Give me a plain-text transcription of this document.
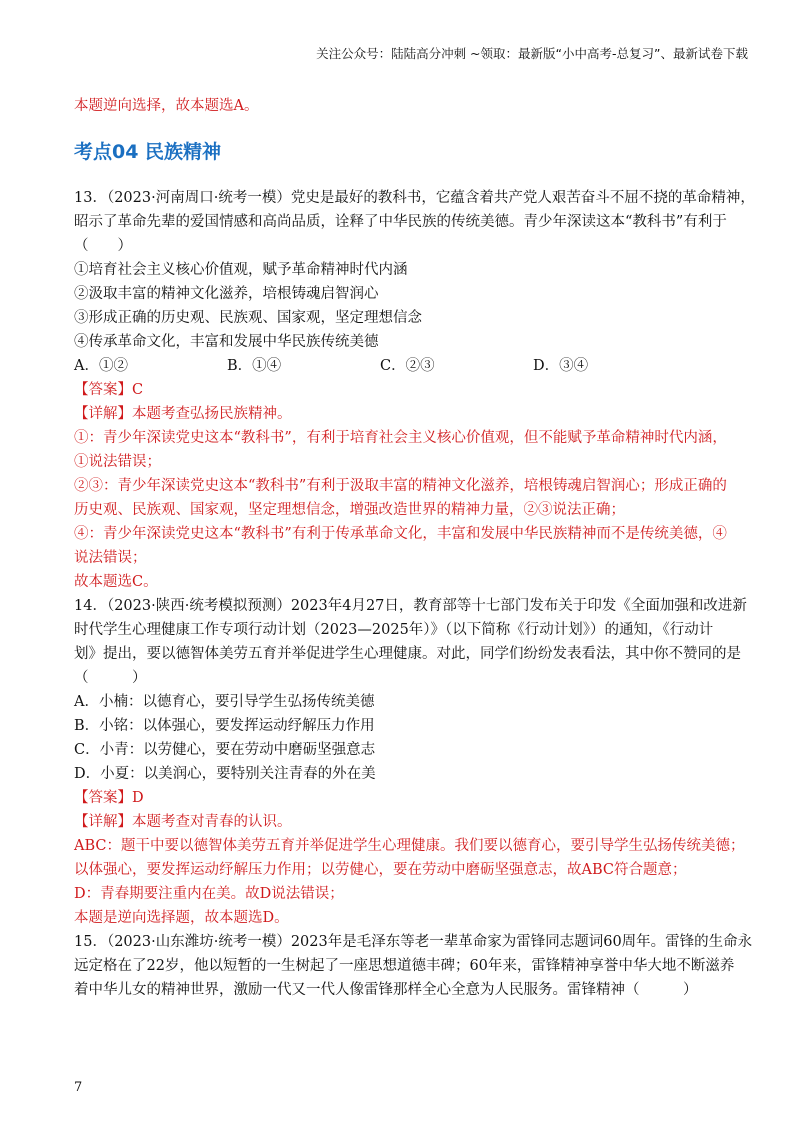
关注公众号：陆陆高分冲刺 ~领取：最新版“小中高考-总复习”、最新试卷下载

本题逆向选择，故本题选A。

考点04 民族精神

13．（2023·河南周口·统考一模）党史是最好的教科书，它蕴含着共产党人艰苦奋斗不屈不挠的革命精神，

昭示了革命先辈的爱国情感和高尚品质，诠释了中华民族的传统美德。青少年深读这本“教科书”有利于

（　　）

①培育社会主义核心价值观，赋予革命精神时代内涵

②汲取丰富的精神文化滋养，培根铸魂启智润心

③形成正确的历史观、民族观、国家观，坚定理想信念

④传承革命文化，丰富和发展中华民族传统美德

A．①②	B．①④	C．②③	D．③④

【答案】C

【详解】本题考查弘扬民族精神。

①：青少年深读党史这本“教科书”，有利于培育社会主义核心价值观，但不能赋予革命精神时代内涵，

①说法错误；

②③：青少年深读党史这本“教科书”有利于汲取丰富的精神文化滋养，培根铸魂启智润心；形成正确的

历史观、民族观、国家观，坚定理想信念，增强改造世界的精神力量，②③说法正确；

④：青少年深读党史这本“教科书”有利于传承革命文化，丰富和发展中华民族精神而不是传统美德，④

说法错误；

故本题选C。

14．（2023·陕西·统考模拟预测）2023年4月27日，教育部等十七部门发布关于印发《全面加强和改进新

时代学生心理健康工作专项行动计划（2023—2025年）》（以下简称《行动计划》）的通知，《行动计

划》提出，要以德智体美劳五育并举促进学生心理健康。对此，同学们纷纷发表看法，其中你不赞同的是

（　　　）

A．小楠：以德育心，要引导学生弘扬传统美德

B．小铭：以体强心，要发挥运动纾解压力作用

C．小青：以劳健心，要在劳动中磨砺坚强意志

D．小夏：以美润心，要特别关注青春的外在美

【答案】D

【详解】本题考查对青春的认识。

ABC：题干中要以德智体美劳五育并举促进学生心理健康。我们要以德育心，要引导学生弘扬传统美德；

以体强心，要发挥运动纾解压力作用；以劳健心，要在劳动中磨砺坚强意志，故ABC符合题意；

D：青春期要注重内在美。故D说法错误；

本题是逆向选择题，故本题选D。

15．（2023·山东潍坊·统考一模）2023年是毛泽东等老一辈革命家为雷锋同志题词60周年。雷锋的生命永

远定格在了22岁，他以短暂的一生树起了一座思想道德丰碑；60年来，雷锋精神享誉中华大地不断滋养

着中华儿女的精神世界，激励一代又一代人像雷锋那样全心全意为人民服务。雷锋精神（　　　）

7
